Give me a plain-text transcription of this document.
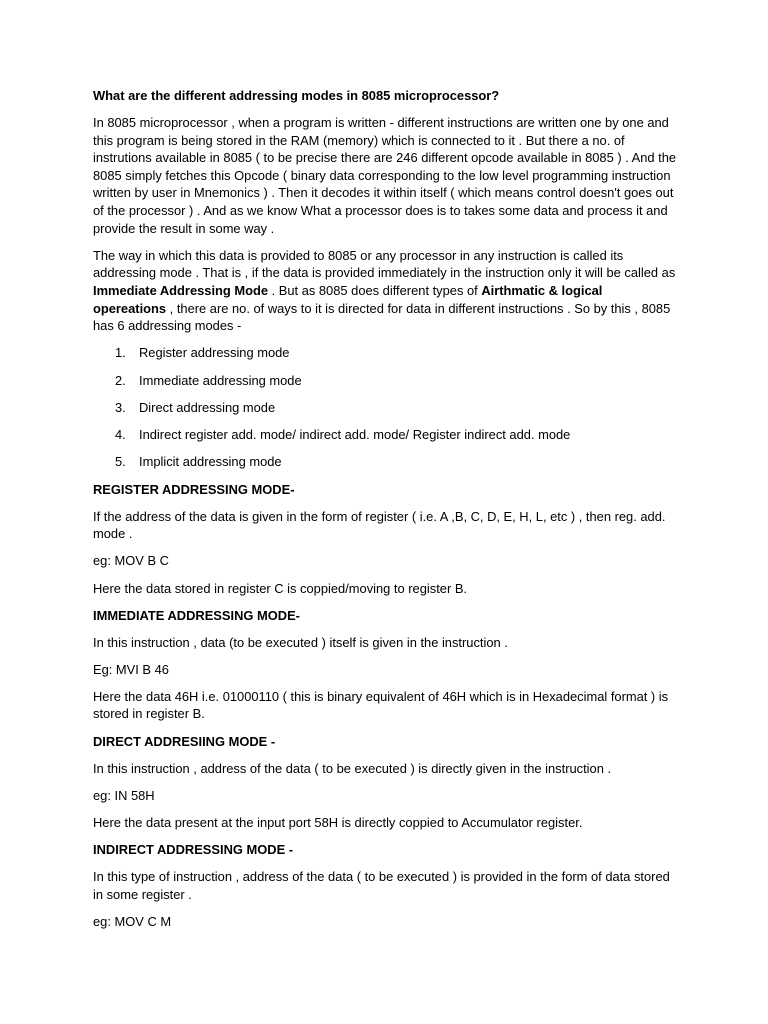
What are the different addressing modes in 8085 microprocessor?

In 8085 microprocessor , when a program is written - different instructions are written one by one and this program is being stored in the RAM (memory) which is connected to it . But there a no. of instrutions available in 8085 ( to be precise there are 246 different opcode available in 8085 ) . And the 8085 simply fetches this Opcode ( binary data corresponding to the low level programming instruction written by user in Mnemonics ) . Then it decodes it within itself ( which means control doesn't goes out of the processor ) . And as we know What a processor does is to takes some data and process it and provide the result in some way .

The way in which this data is provided to 8085 or any processor in any instruction is called its addressing mode . That is , if the data is provided immediately in the instruction only it will be called as Immediate Addressing Mode . But as 8085 does different types of Airthmatic & logical opereations , there are no. of ways to it is directed for data in different instructions . So by this , 8085 has 6 addressing modes -

1. Register addressing mode
2. Immediate addressing mode
3. Direct addressing mode
4. Indirect register add. mode/ indirect add. mode/ Register indirect add. mode
5. Implicit addressing mode

REGISTER ADDRESSING MODE-

If the address of the data is given in the form of register ( i.e. A ,B, C, D, E, H, L, etc ) , then reg. add. mode .

eg: MOV B C

Here the data stored in register C is coppied/moving to register B.

IMMEDIATE ADDRESSING MODE-

In this instruction , data (to be executed ) itself is given in the instruction .

Eg: MVI B 46

Here the data 46H i.e. 01000110 ( this is binary equivalent of 46H which is in Hexadecimal format ) is stored in register B.

DIRECT ADDRESIING MODE -

In this instruction , address of the data ( to be executed ) is directly given in the instruction .

eg: IN 58H

Here the data present at the input port 58H is directly coppied to Accumulator register.

INDIRECT ADDRESSING MODE -

In this type of instruction , address of the data ( to be executed ) is provided in the form of data stored in some register .

eg: MOV C M
